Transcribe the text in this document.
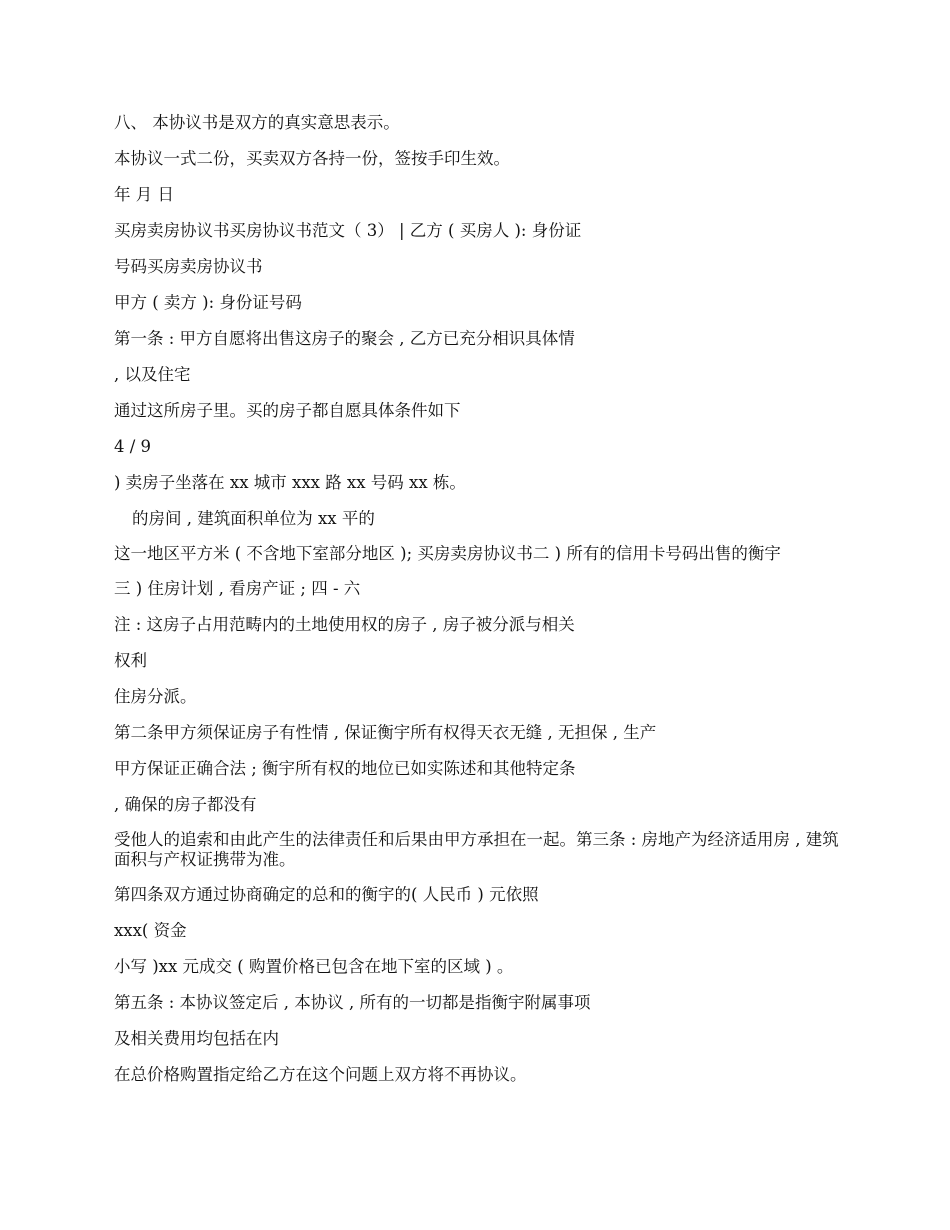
八、 本协议书是双方的真实意思表示。

本协议一式二份，买卖双方各持一份，签按手印生效。

年 月 日

买房卖房协议书买房协议书范文（ 3） | 乙方 ( 买房人 ): 身份证

号码买房卖房协议书

甲方 ( 卖方 ): 身份证号码

第一条 : 甲方自愿将出售这房子的聚会 , 乙方已充分相识具体情

, 以及住宅

通过这所房子里。买的房子都自愿具体条件如下

4 / 9

) 卖房子坐落在 xx 城市 xxx 路 xx 号码 xx 栋。

的房间 , 建筑面积单位为 xx 平的

这一地区平方米 ( 不含地下室部分地区 ); 买房卖房协议书二 ) 所有的信用卡号码出售的衡宇

三 ) 住房计划 , 看房产证 ; 四 - 六

注 : 这房子占用范畴内的土地使用权的房子 , 房子被分派与相关

权利

住房分派。

第二条甲方须保证房子有性情 , 保证衡宇所有权得天衣无缝 , 无担保 , 生产

甲方保证正确合法 ; 衡宇所有权的地位已如实陈述和其他特定条

, 确保的房子都没有

受他人的追索和由此产生的法律责任和后果由甲方承担在一起。第三条 : 房地产为经济适用房 , 建筑面积与产权证携带为准。

第四条双方通过协商确定的总和的衡宇的( 人民币 ) 元依照

xxx( 资金

小写 )xx 元成交 ( 购置价格已包含在地下室的区域 ) 。

第五条 : 本协议签定后 , 本协议 , 所有的一切都是指衡宇附属事项

及相关费用均包括在内

在总价格购置指定给乙方在这个问题上双方将不再协议。
